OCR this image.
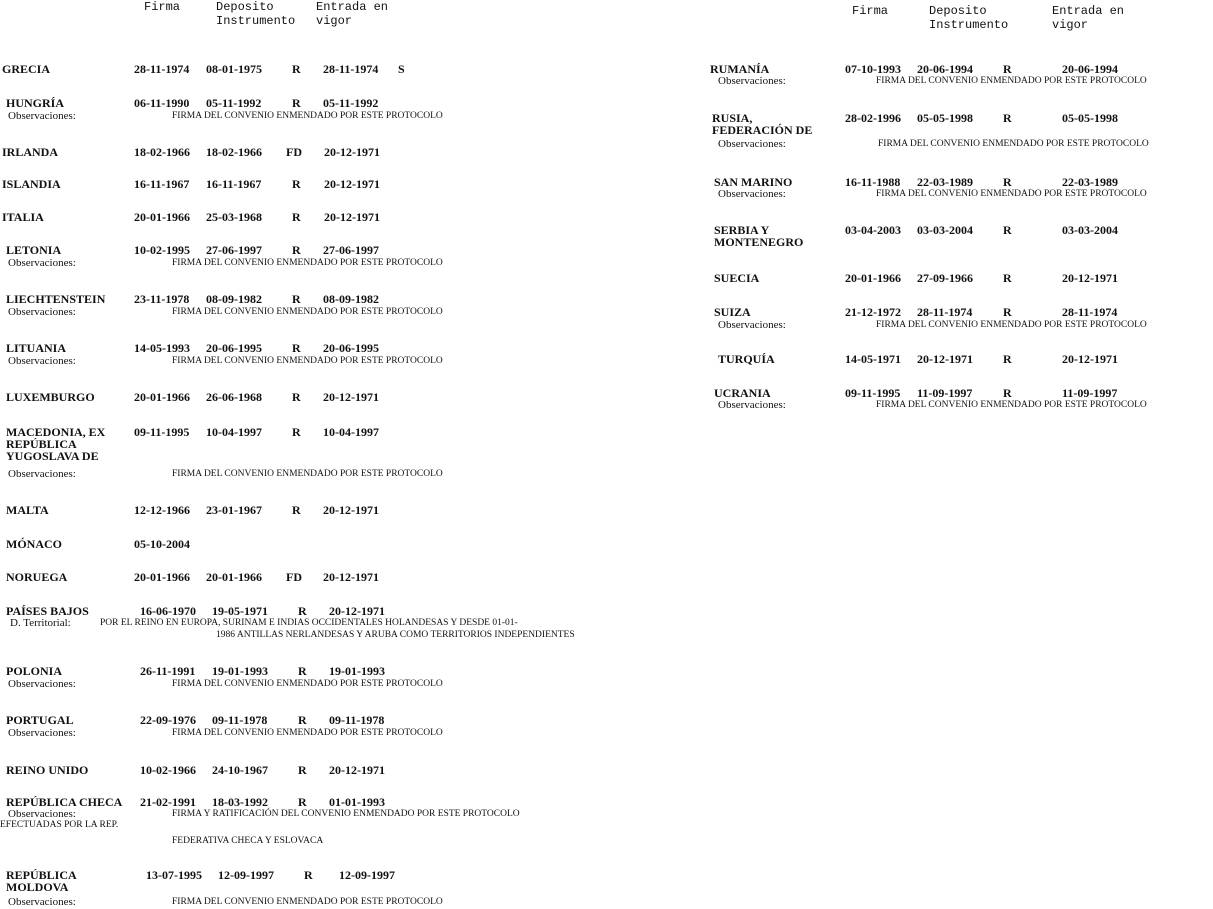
Firma	Deposito
Instrumento
Entrada en
vigor
Firma	Deposito
Instrumento
Entrada en
vigor
GRECIA	28-11-1974 08-01-1975	R 28-11-1974 S
HUNGRÍA	06-11-1990 05-11-1992	R 05-11-1992
Observaciones:	FIRMA DEL CONVENIO ENMENDADO POR ESTE PROTOCOLO
IRLANDA	18-02-1966 18-02-1966 FD 20-12-1971
ISLANDIA	16-11-1967 16-11-1967	R 20-12-1971
ITALIA	20-01-1966 25-03-1968	R 20-12-1971
LETONIA	10-02-1995 27-06-1997	R 27-06-1997
Observaciones:	FIRMA DEL CONVENIO ENMENDADO POR ESTE PROTOCOLO
LIECHTENSTEIN	23-11-1978 08-09-1982	R 08-09-1982
Observaciones:	FIRMA DEL CONVENIO ENMENDADO POR ESTE PROTOCOLO
LITUANIA	14-05-1993 20-06-1995	R 20-06-1995
Observaciones:	FIRMA DEL CONVENIO ENMENDADO POR ESTE PROTOCOLO
LUXEMBURGO	20-01-1966 26-06-1968	R 20-12-1971
MACEDONIA, EX REPÚBLICA YUGOSLAVA DE
09-11-1995 10-04-1997	R 10-04-1997
Observaciones:	FIRMA DEL CONVENIO ENMENDADO POR ESTE PROTOCOLO
MALTA	12-12-1966 23-01-1967	R 20-12-1971
MÓNACO	05-10-2004
NORUEGA	20-01-1966 20-01-1966 FD 20-12-1971
PAÍSES BAJOS	16-06-1970 19-05-1971	R 20-12-1971
D. Territorial:	POR EL REINO EN EUROPA, SURINAM E INDIAS OCCIDENTALES HOLANDESAS Y DESDE 01-01-
1986 ANTILLAS NERLANDESAS Y ARUBA COMO TERRITORIOS INDEPENDIENTES
POLONIA	26-11-1991 19-01-1993	R 19-01-1993
Observaciones:	FIRMA DEL CONVENIO ENMENDADO POR ESTE PROTOCOLO
PORTUGAL	22-09-1976 09-11-1978	R 09-11-1978
Observaciones:	FIRMA DEL CONVENIO ENMENDADO POR ESTE PROTOCOLO
REINO UNIDO	10-02-1966 24-10-1967	R 20-12-1971
REPÚBLICA CHECA	21-02-1991 18-03-1992	R 01-01-1993
Observaciones:	FIRMA Y RATIFICACIÓN DEL CONVENIO ENMENDADO POR ESTE PROTOCOLO
EFECTUADAS POR LA REP.
FEDERATIVA CHECA Y ESLOVACA
REPÚBLICA MOLDOVA
13-07-1995 12-09-1997	R 12-09-1997
Observaciones:	FIRMA DEL CONVENIO ENMENDADO POR ESTE PROTOCOLO
RUMANÍA	07-10-1993 20-06-1994	R	20-06-1994
Observaciones:	FIRMA DEL CONVENIO ENMENDADO POR ESTE PROTOCOLO
RUSIA, FEDERACIÓN DE
28-02-1996 05-05-1998	R	05-05-1998
Observaciones:	FIRMA DEL CONVENIO ENMENDADO POR ESTE PROTOCOLO
SAN MARINO	16-11-1988 22-03-1989	R	22-03-1989
Observaciones:	FIRMA DEL CONVENIO ENMENDADO POR ESTE PROTOCOLO
SERBIA Y MONTENEGRO
03-04-2003 03-03-2004	R	03-03-2004
SUECIA	20-01-1966 27-09-1966	R	20-12-1971
SUIZA	21-12-1972 28-11-1974	R	28-11-1974
Observaciones:	FIRMA DEL CONVENIO ENMENDADO POR ESTE PROTOCOLO
TURQUÍA	14-05-1971 20-12-1971	R	20-12-1971
UCRANIA	09-11-1995 11-09-1997	R	11-09-1997
Observaciones:	FIRMA DEL CONVENIO ENMENDADO POR ESTE PROTOCOLO
